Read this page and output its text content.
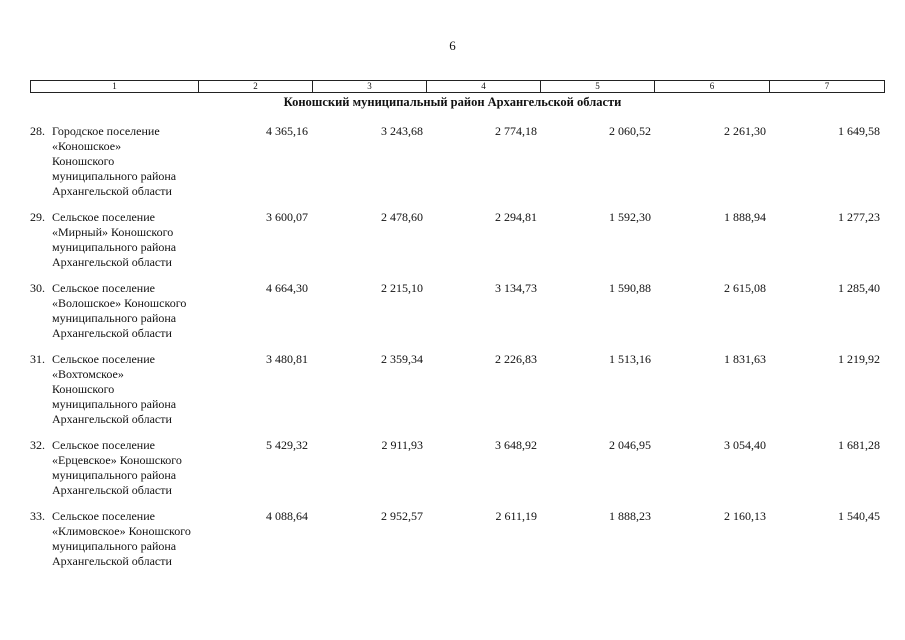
6
1	2	3	4	5	6	7
Коношский муниципальный район Архангельской области
28. Городское поселение
«Коношское»
Коношского
муниципального района
Архангельской области
4 365,16	3 243,68	2 774,18	2 060,52	2 261,30	1 649,58
29. Сельское поселение
«Мирный» Коношского
муниципального района
Архангельской области
3 600,07	2 478,60	2 294,81	1 592,30	1 888,94	1 277,23
30. Сельское поселение
«Волошское» Коношского
муниципального района
Архангельской области
4 664,30	2 215,10	3 134,73	1 590,88	2 615,08	1 285,40
31. Сельское поселение
«Вохтомское»
Коношского
муниципального района
Архангельской области
3 480,81	2 359,34	2 226,83	1 513,16	1 831,63	1 219,92
32. Сельское поселение
«Ерцевское» Коношского
муниципального района
Архангельской области
5 429,32	2 911,93	3 648,92	2 046,95	3 054,40	1 681,28
33. Сельское поселение
«Климовское» Коношского
муниципального района
Архангельской области
4 088,64	2 952,57	2 611,19	1 888,23	2 160,13	1 540,45
